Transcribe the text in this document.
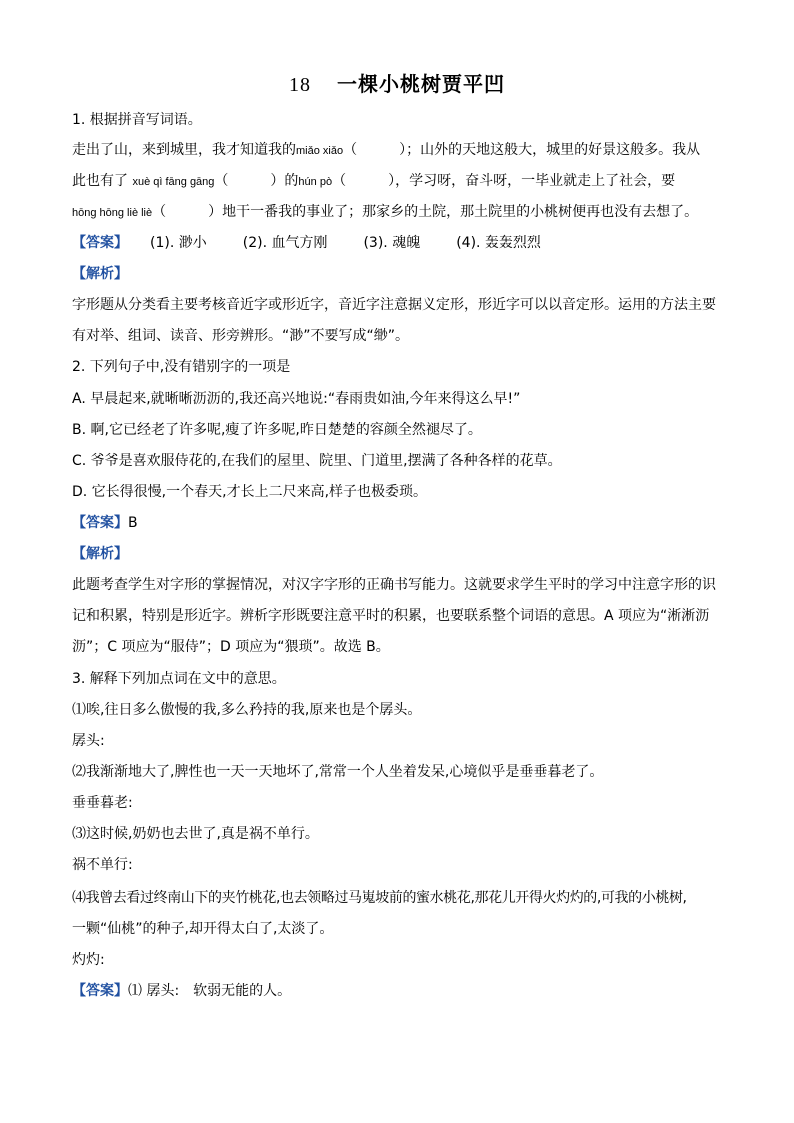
18 一棵小桃树贾平凹
1. 根据拼音写词语。
走出了山，来到城里，我才知道我的miǎo xiǎo（　　　）；山外的天地这般大，城里的好景这般多。我从
此也有了 xuè qì fāng gāng（　　　）的hún pò（　　　），学习呀，奋斗呀，一毕业就走上了社会，要
hōng hōng liè liè（　　　）地干一番我的事业了；那家乡的土院，那土院里的小桃树便再也没有去想了。
【答案】 (1). 渺小	(2). 血气方刚	(3). 魂魄	(4). 轰轰烈烈
【解析】
字形题从分类看主要考核音近字或形近字，音近字注意据义定形，形近字可以以音定形。运用的方法主要
有对举、组词、读音、形旁辨形。“渺”不要写成“缈”。
2. 下列句子中,没有错别字的一项是
A. 早晨起来,就晰晰沥沥的,我还高兴地说:“春雨贵如油,今年来得这么早!”
B. 啊,它已经老了许多呢,瘦了许多呢,昨日楚楚的容颜全然褪尽了。
C. 爷爷是喜欢服侍花的,在我们的屋里、院里、门道里,摆满了各种各样的花草。
D. 它长得很慢,一个春天,才长上二尺来高,样子也极委琐。
【答案】B
【解析】
此题考查学生对字形的掌握情况，对汉字字形的正确书写能力。这就要求学生平时的学习中注意字形的识
记和积累，特别是形近字。辨析字形既要注意平时的积累，也要联系整个词语的意思。A 项应为“淅淅沥
沥”；C 项应为“服侍”；D 项应为“猥琐”。故选 B。
3. 解释下列加点词在文中的意思。
⑴唉,往日多么傲慢的我,多么矜持的我,原来也是个孱头。
孱头:
⑵我渐渐地大了,脾性也一天一天地坏了,常常一个人坐着发呆,心境似乎是垂垂暮老了。
垂垂暮老:
⑶这时候,奶奶也去世了,真是祸不单行。
祸不单行:
⑷我曾去看过终南山下的夹竹桃花,也去领略过马嵬坡前的蜜水桃花,那花儿开得火灼灼的,可我的小桃树,
一颗“仙桃”的种子,却开得太白了,太淡了。
灼灼:
【答案】⑴ 孱头:　软弱无能的人。
